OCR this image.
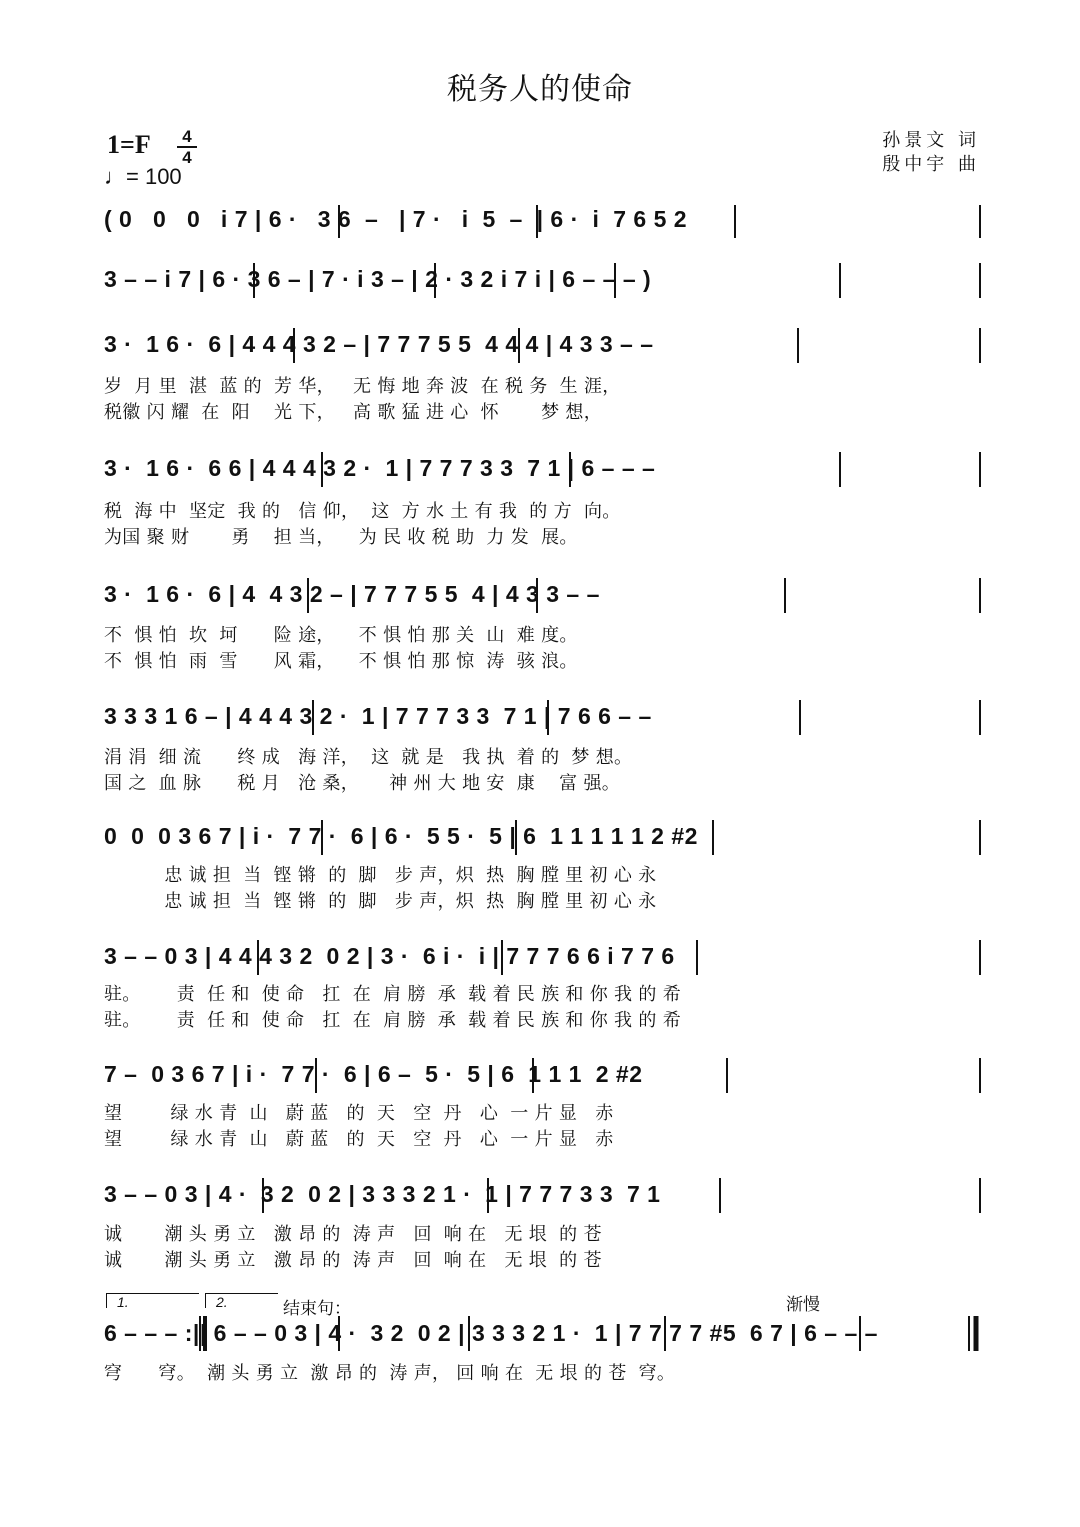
税务人的使命
1=F	4
4
♩= 100
孙景文 词
殷中宇 曲
( 0   0   0   i 7 | 6 ·   3 6  –   | 7 ·   i  5  –  | 6 ·  i  7 6 5 2
3 – – i 7 | 6 · 3 6 – | 7 · i 3 – | 2 · 3 2 i 7 i | 6 – – – )
3 ·  1 6 ·  6 | 4 4 4 3 2 – | 7 7 7 5 5  4 4 4 | 4 3 3 – –
岁  月 里  湛  蓝 的  芳 华，   无 悔 地 奔 波  在 税 务  生 涯，
税徽 闪 耀  在  阳    光 下，   高 歌 猛 进 心  怀       梦 想，
3 ·  1 6 ·  6 6 | 4 4 4 3 2 ·  1 | 7 7 7 3 3  7 1 | 6 – – –
税  海 中  坚定  我 的   信 仰，  这  方 水 土 有 我  的 方  向。
为国 聚 财       勇    担 当，    为 民 收 税 助  力 发  展。
3 ·  1 6 ·  6 | 4  4 3 2 – | 7 7 7 5 5  4 | 4 3 3 – –
不  惧 怕  坎  坷      险 途，    不 惧 怕 那 关  山  难 度。
不  惧 怕  雨  雪      风 霜，    不 惧 怕 那 惊  涛  骇 浪。
3 3 3 1 6 – | 4 4 4 3 2 ·  1 | 7 7 7 3 3  7 1 | 7 6 6 – –
涓 涓  细 流      终 成   海 洋，  这  就 是   我 执  着 的  梦 想。
国 之  血 脉      税 月   沧 桑，     神 州 大 地 安  康    富 强。
0  0  0 3 6 7 | i ·  7 7 ·  6 | 6 ·  5 5 ·  5 | 6  1 1 1 1 1 2 #2
忠 诚 担  当  铿 锵  的  脚   步 声，炽  热  胸 膛 里 初 心 永
忠 诚 担  当  铿 锵  的  脚   步 声，炽  热  胸 膛 里 初 心 永
3 – – 0 3 | 4 4 4 3 2  0 2 | 3 ·  6 i ·  i | 7 7 7 6 6 i 7 7 6
驻。      责  任 和  使 命   扛  在  肩 膀  承  载 着 民 族 和 你 我 的 希
驻。      责  任 和  使 命   扛  在  肩 膀  承  载 着 民 族 和 你 我 的 希
7 –  0 3 6 7 | i ·  7 7 ·  6 | 6 –  5 ·  5 | 6  1 1 1  2 #2
望        绿 水 青  山   蔚 蓝   的  天   空  丹   心  一 片 显   赤
望        绿 水 青  山   蔚 蓝   的  天   空  丹   心  一 片 显   赤
3 – – 0 3 | 4 ·  3 2  0 2 | 3 3 3 2 1 ·  1 | 7 7 7 3 3  7 1
诚       潮 头 勇 立   激 昂 的  涛 声   回  响 在   无 垠  的 苍
诚       潮 头 勇 立   激 昂 的  涛 声   回  响 在   无 垠  的 苍
1.	2.	结束句：	渐慢
6 – – – :|| 6 – – 0 3 | 4 ·  3 2  0 2 | 3 3 3 2 1 ·  1 | 7 7 7 7 #5  6 7 | 6 – – –
穹      穹。  潮 头 勇 立  激 昂 的  涛 声， 回 响 在  无 垠 的 苍  穹。
